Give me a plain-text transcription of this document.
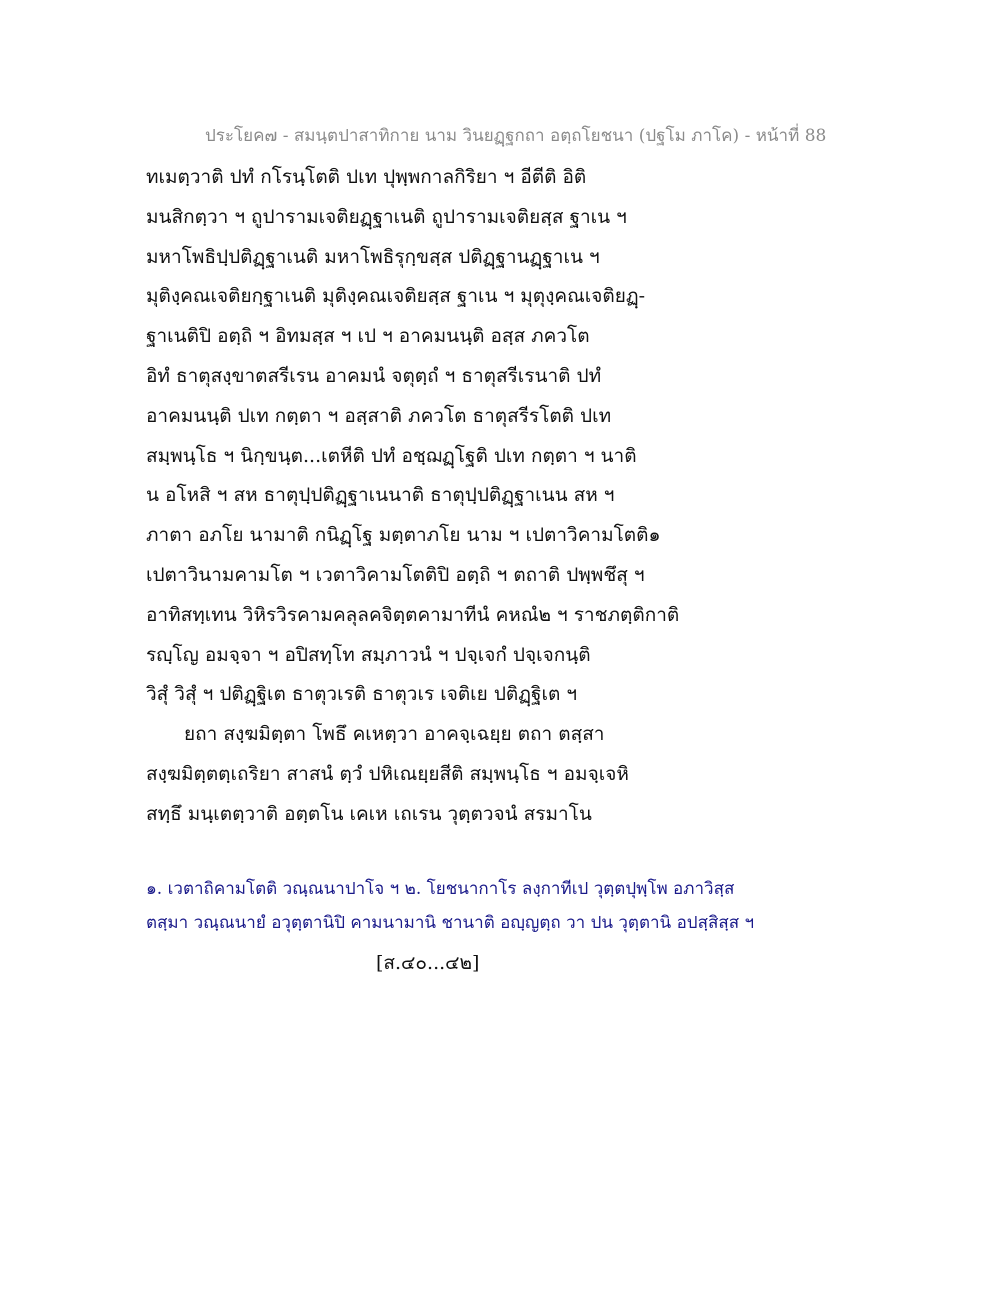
ประโยค๗ - สมนฺตปาสาทิกาย นาม วินยฏฺฐกถา อตฺถโยชนา (ปฐโม ภาโค) - หน้าที่ 88
ทเมตฺวาติ ปทํ กโรนฺโตติ ปเท ปุพฺพกาลกิริยา ฯ อีตีติ อิติ
มนสิกตฺวา ฯ ถูปารามเจติยฏฺฐาเนติ ถูปารามเจติยสฺส ฐาเน ฯ
มหาโพธิปฺปติฏฺฐาเนติ มหาโพธิรุกฺขสฺส ปติฏฺฐานฏฺฐาเน ฯ
มุติงฺคณเจติยกฺฐาเนติ มุติงฺคณเจติยสฺส ฐาเน ฯ มุตุงฺคณเจติยฏฺ-
ฐาเนติปิ อตฺถิ ฯ อิทมสฺส ฯ เป ฯ อาคมนนฺติ อสฺส ภควโต
อิทํ ธาตุสงฺขาตสรีเรน อาคมนํ จตุตฺถํ ฯ ธาตุสรีเรนาติ ปทํ
อาคมนนฺติ ปเท กตฺตา ฯ อสฺสาติ ภควโต ธาตุสรีรโตติ ปเท
สมฺพนฺโธ ฯ นิกฺขนฺต...เตหีติ ปทํ อชฺฌฏฺโฐติ ปเท กตฺตา ฯ นาติ
น อโหสิ ฯ สห ธาตุปฺปติฏฺฐาเนนาติ ธาตุปฺปติฏฺฐาเนน สห ฯ
ภาตา อภโย นามาติ กนิฏฺโฐ มตฺตาภโย นาม ฯ เปตาวิคามโตติ๑
เปตาวินามคามโต ฯ เวตาวิคามโตติปิ อตฺถิ ฯ ตถาติ ปพฺพชึสุ ฯ
อาทิสทฺเทน วิหิรวิรคามคลุลคจิตฺตคามาทีนํ คหณํ๒ ฯ ราชภตฺติกาติ
รญฺโญ อมจฺจา ฯ อปิสทฺโท สมฺภาวนํ ฯ ปจฺเจกํ ปจฺเจกนฺติ
วิสุํ วิสุํ ฯ ปติฏฺฐิเต ธาตุวเรติ ธาตุวเร เจติเย ปติฏฺฐิเต ฯ
ยถา สงฺฆมิตฺตา โพธึ คเหตฺวา อาคจฺเฉยฺย ตถา ตสฺสา
สงฺฆมิตฺตตฺเถริยา สาสนํ ตฺวํ ปหิเณยฺยสีติ สมฺพนฺโธ ฯ อมจฺเจหิ
สทฺธึ มนฺเตตฺวาติ อตฺตโน เคเห เถเรน วุตฺตวจนํ สรมาโน
๑. เวตาถิคามโตติ วณฺณนาปาโจ ฯ ๒. โยชนากาโร ลงฺกาทีเป วุตฺตปุพฺโพ อภาวิสฺส
ตสฺมา วณฺณนายํ อวุตฺตานิปิ คามนามานิ ชานาติ อญฺญตฺถ วา ปน วุตฺตานิ อปสฺสิสฺส ฯ
[ส.๔๐...๔๒]
